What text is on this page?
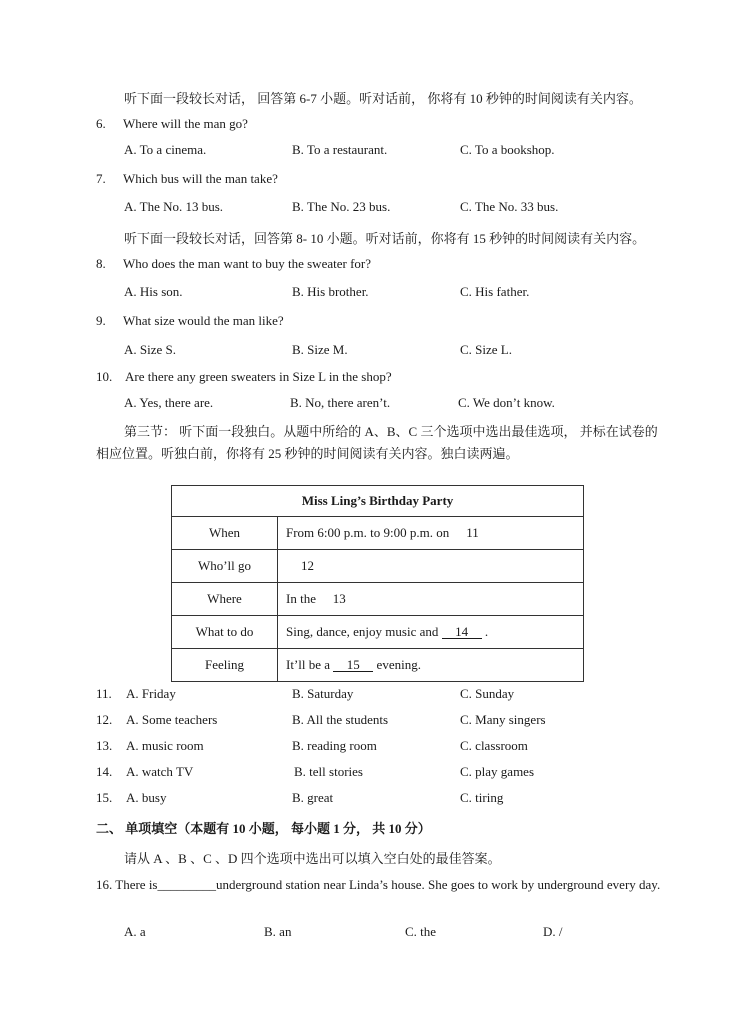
听下面一段较长对话， 回答第 6-7 小题。听对话前， 你将有 10 秒钟的时间阅读有关内容。
6. Where will the man go?
A. To a cinema.	B. To a restaurant.	C. To a bookshop.
7. Which bus will the man take?
A. The No. 13 bus.	B. The No. 23 bus.	C. The No. 33 bus.
听下面一段较长对话，回答第 8- 10 小题。听对话前，你将有 15 秒钟的时间阅读有关内容。
8. Who does the man want to buy the sweater for?
A. His son.	B. His brother.	C. His father.
9. What size would the man like?
A. Size S.	B. Size M.	C. Size L.
10. Are there any green sweaters in Size L in the shop?
A. Yes, there are.	B. No, there aren’t.	C. We don’t know.
第三节： 听下面一段独白。从题中所给的 A、B、C 三个选项中选出最佳选项， 并标在试卷的相应位置。听独白前，你将有 25 秒钟的时间阅读有关内容。独白读两遍。
Miss Ling’s Birthday Party	
When	From 6:00 p.m. to 9:00 p.m. on 11
Who’ll go	12
Where	In the 13
What to do	Sing, dance, enjoy music and 14 .
Feeling	It’ll be a 15 evening.
11. A. Friday	B. Saturday	C. Sunday
12. A. Some teachers	B. All the students	C. Many singers
13. A. music room	B. reading room	C. classroom
14. A. watch TV	B. tell stories	C. play games
15. A. busy	B. great	C. tiring
二、 单项填空（本题有 10 小题， 每小题 1 分， 共 10 分）
请从 A 、B 、C 、D 四个选项中选出可以填入空白处的最佳答案。
16. There is_________underground station near Linda’s house. She goes to work by underground every day.
A. a	B. an	C. the	D. /
